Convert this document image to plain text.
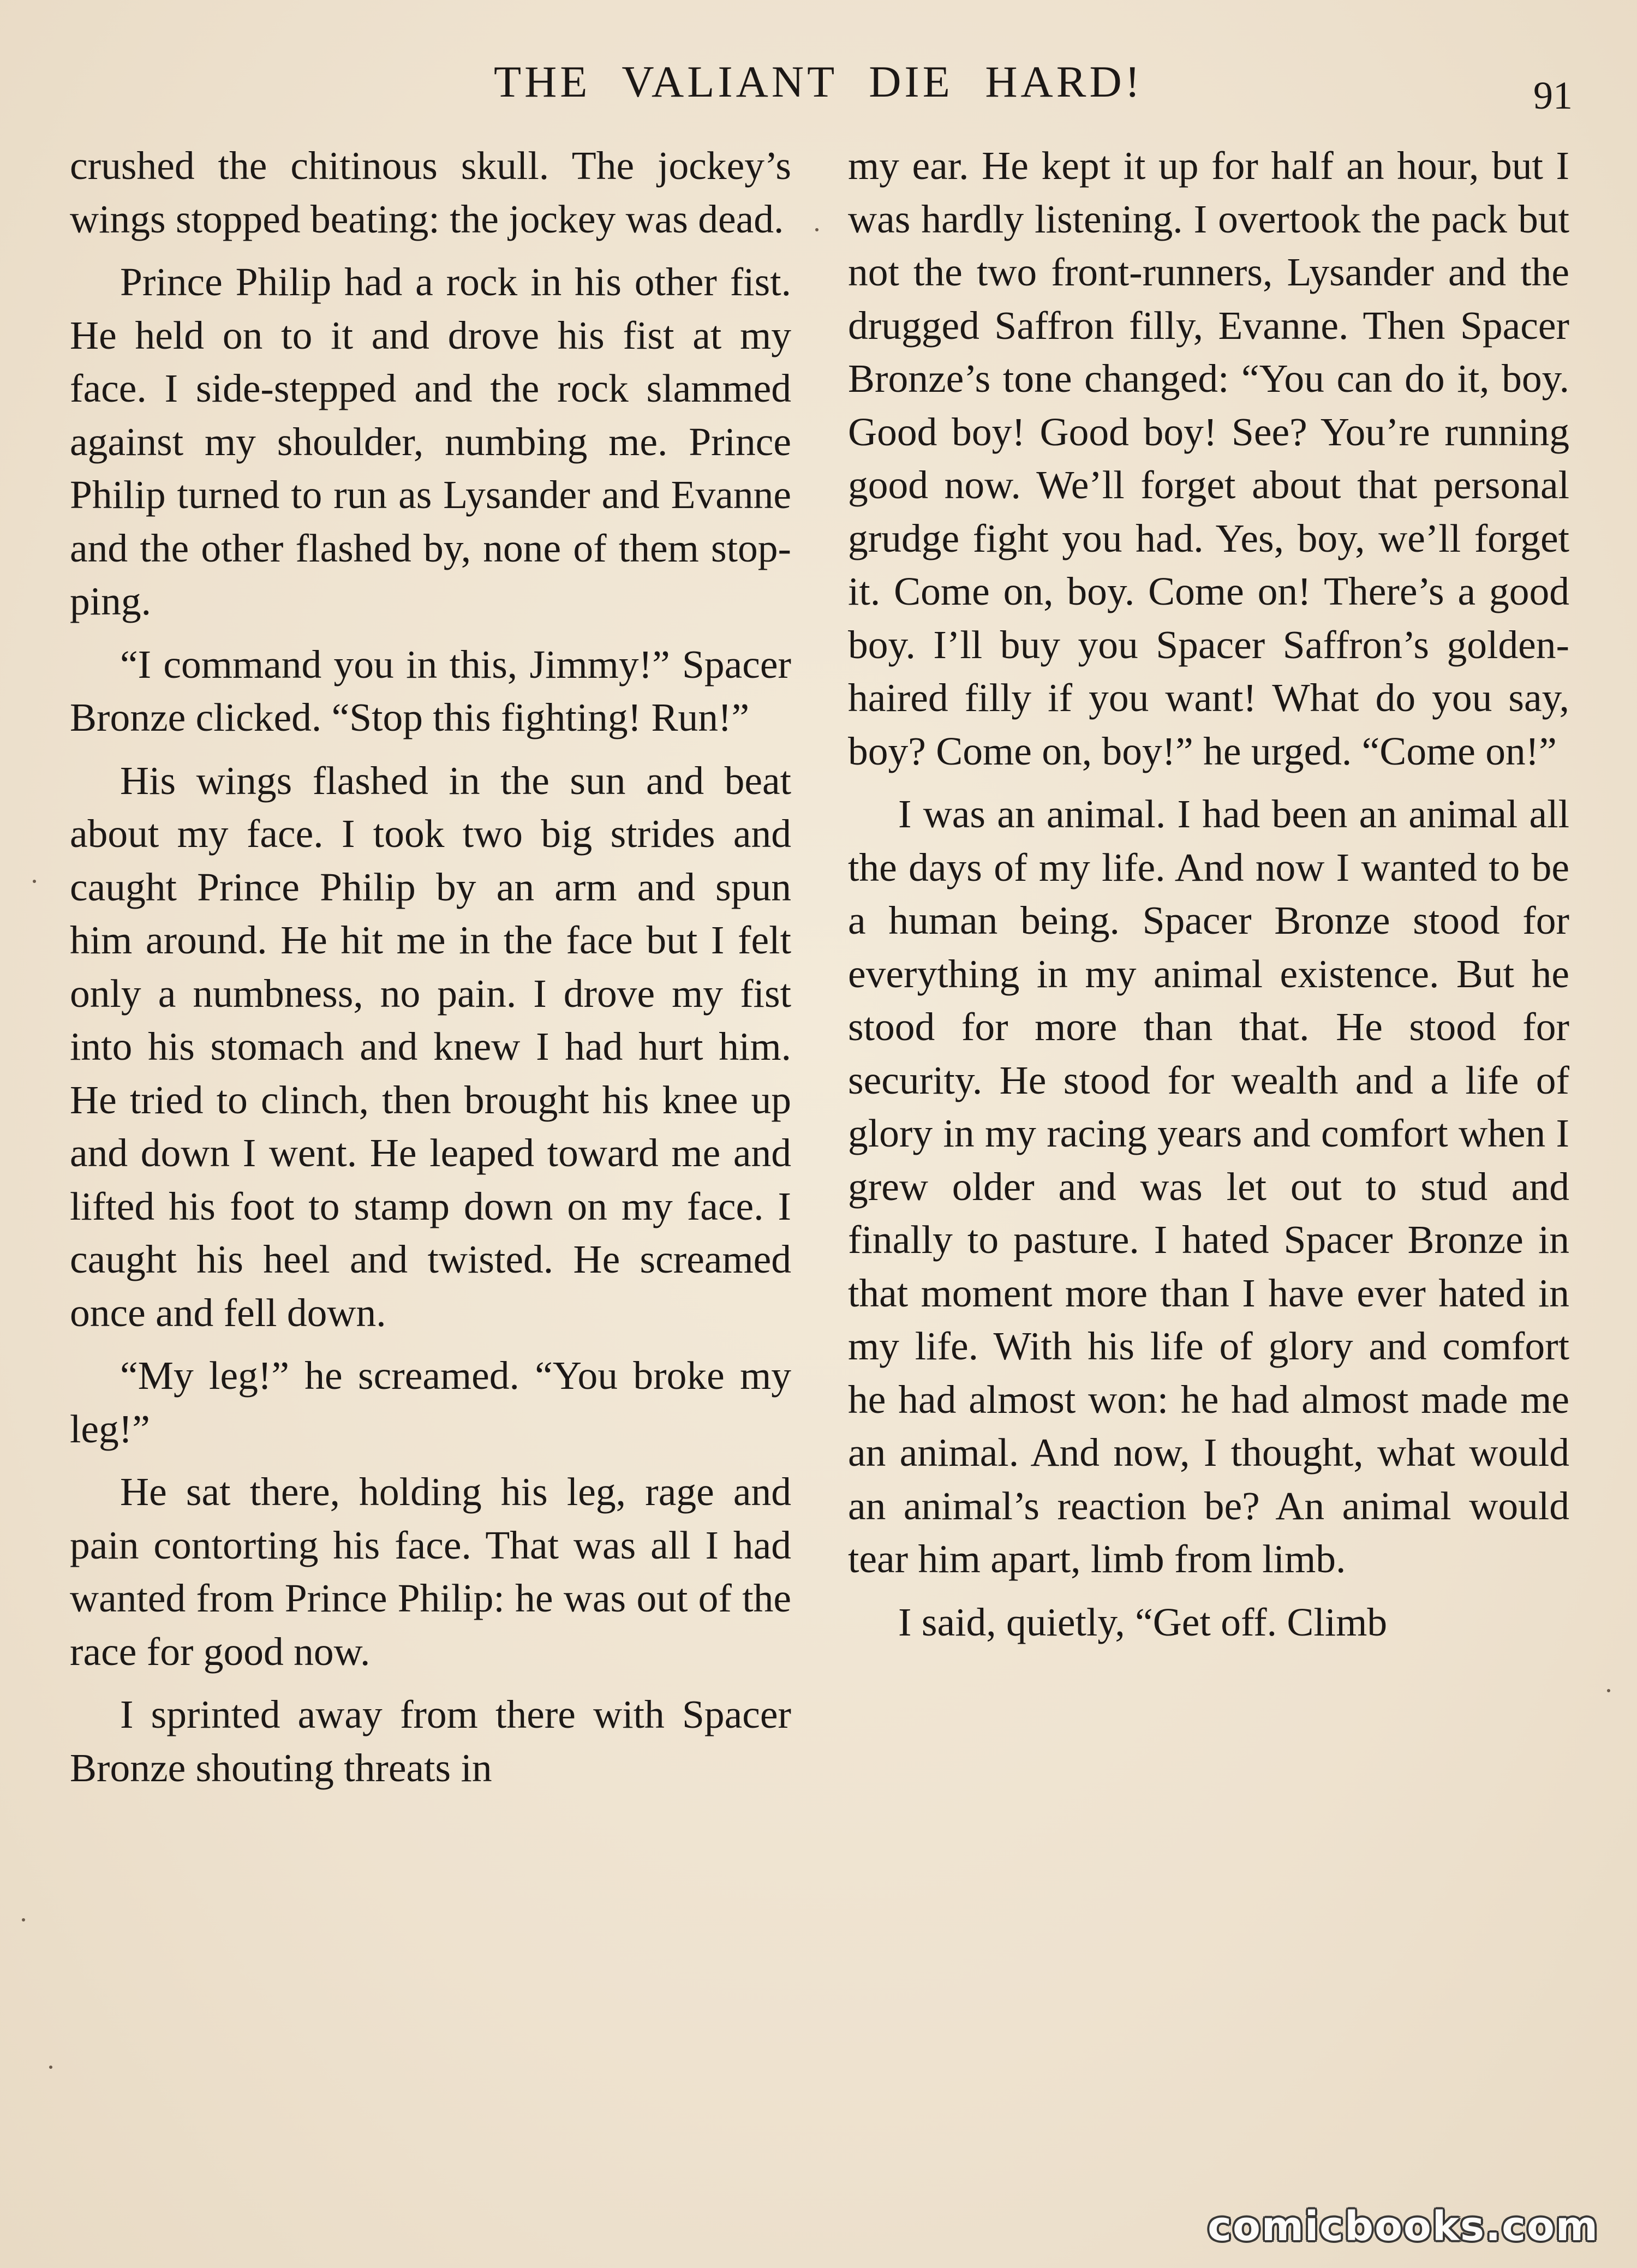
THE VALIANT DIE HARD!	91

crushed the chitinous skull. The jockey’s wings stopped beating: the jockey was dead.

Prince Philip had a rock in his other fist. He held on to it and drove his fist at my face. I side-stepped and the rock slammed against my shoulder, numbing me. Prince Philip turned to run as Lysander and Evanne and the other flashed by, none of them stopping.

“I command you in this, Jimmy!” Spacer Bronze clicked. “Stop this fighting! Run!”

His wings flashed in the sun and beat about my face. I took two big strides and caught Prince Philip by an arm and spun him around. He hit me in the face but I felt only a numbness, no pain. I drove my fist into his stomach and knew I had hurt him. He tried to clinch, then brought his knee up and down I went. He leaped toward me and lifted his foot to stamp down on my face. I caught his heel and twisted. He screamed once and fell down.

“My leg!” he screamed. “You broke my leg!”

He sat there, holding his leg, rage and pain contorting his face. That was all I had wanted from Prince Philip: he was out of the race for good now.

I sprinted away from there with Spacer Bronze shouting threats in

my ear. He kept it up for half an hour, but I was hardly listening. I overtook the pack but not the two front-runners, Lysander and the drugged Saffron filly, Evanne. Then Spacer Bronze’s tone changed: “You can do it, boy. Good boy! Good boy! See? You’re running good now. We’ll forget about that personal grudge fight you had. Yes, boy, we’ll forget it. Come on, boy. Come on! There’s a good boy. I’ll buy you Spacer Saffron’s golden-haired filly if you want! What do you say, boy? Come on, boy!” he urged. “Come on!”

I was an animal. I had been an animal all the days of my life. And now I wanted to be a human being. Spacer Bronze stood for everything in my animal existence. But he stood for more than that. He stood for security. He stood for wealth and a life of glory in my racing years and comfort when I grew older and was let out to stud and finally to pasture. I hated Spacer Bronze in that moment more than I have ever hated in my life. With his life of glory and comfort he had almost won: he had almost made me an animal. And now, I thought, what would an animal’s reaction be? An animal would tear him apart, limb from limb.

I said, quietly, “Get off. Climb

comicbooks.com
